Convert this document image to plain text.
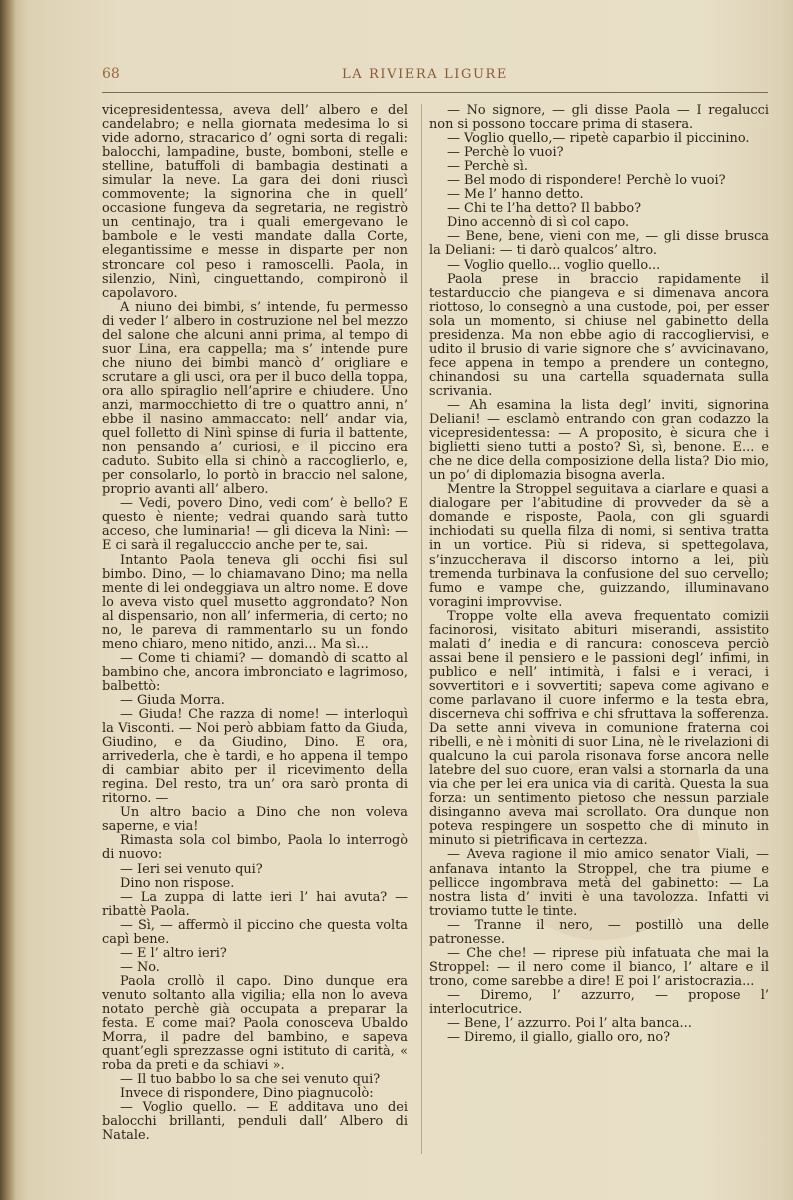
68	LA RIVIERA LIGURE

vicepresidentessa, aveva dell’ albero e del candelabro; e nella giornata medesima lo si vide adorno, stracarico d’ ogni sorta di regali: balocchi, lampadine, buste, bomboni, stelle e stelline, batuffoli di bambagia destinati a simular la neve. La gara dei doni riuscì commovente; la signorina che in quell’ occasione fungeva da segretaria, ne registrò un centinajo, tra i quali emergevano le bambole e le vesti mandate dalla Corte, elegantissime e messe in disparte per non stroncare col peso i ramoscelli. Paola, in silenzio, Ninì, cinguettando, compironò il capolavoro.

A niuno dei bimbi, s’ intende, fu permesso di veder l’ albero in costruzione nel bel mezzo del salone che alcuni anni prima, al tempo di suor Lina, era cappella; ma s’ intende pure che niuno dei bimbi mancò d’ origliare e scrutare a gli usci, ora per il buco della toppa, ora allo spiraglio nell’aprire e chiudere. Uno anzi, marmocchietto di tre o quattro anni, n’ ebbe il nasino ammaccato: nell’ andar via, quel folletto di Ninì spinse di furia il battente, non pensando a’ curiosi, e il piccino era caduto. Subito ella si chinò a raccoglierlo, e, per consolarlo, lo portò in braccio nel salone, proprio avanti all’ albero.

— Vedi, povero Dino, vedi com’ è bello? E questo è niente; vedrai quando sarà tutto acceso, che luminaria! — gli diceva la Ninì: — E ci sarà il regalucccio anche per te, sai.

Intanto Paola teneva gli occhi fisi sul bimbo. Dino, — lo chiamavano Dino; ma nella mente di lei ondeggiava un altro nome. E dove lo aveva visto quel musetto aggrondato? Non al dispensario, non all’ infermeria, di certo; no no, le pareva di rammentarlo su un fondo meno chiaro, meno nitido, anzi... Ma sì...

— Come ti chiami? — domandò di scatto al bambino che, ancora imbronciato e lagrimoso, balbettò:

— Giuda Morra.

— Giuda! Che razza di nome! — interloquì la Visconti. — Noi però abbiam fatto da Giuda, Giudino, e da Giudino, Dino. E ora, arrivederla, che è tardi, e ho appena il tempo di cambiar abito per il ricevimento della regina. Del resto, tra un’ ora sarò pronta di ritorno. —

Un altro bacio a Dino che non voleva saperne, e via!

Rimasta sola col bimbo, Paola lo interrogò di nuovo:

— Ieri sei venuto qui?

Dino non rispose.

— La zuppa di latte ieri l’ hai avuta? — ribattè Paola.

— Sì, — affermò il piccino che questa volta capì bene.

— E l’ altro ieri?

— No.

Paola crollò il capo. Dino dunque era venuto soltanto alla vigilia; ella non lo aveva notato perchè già occupata a preparar la festa. E come mai? Paola conosceva Ubaldo Morra, il padre del bambino, e sapeva quant’egli sprezzasse ogni istituto di carità, « roba da preti e da schiavi ».

— Il tuo babbo lo sa che sei venuto qui?

Invece di rispondere, Dino piagnucolò:

— Voglio quello. — E additava uno dei balocchi brillanti, penduli dall’ Albero di Natale.

— No signore, — gli disse Paola — I regalucci non si possono toccare prima di stasera.

— Voglio quello,— ripetè caparbio il piccinino.

— Perchè lo vuoi?

— Perchè sì.

— Bel modo di rispondere! Perchè lo vuoi?

— Me l’ hanno detto.

— Chi te l’ha detto? Il babbo?

Dino accennò di sì col capo.

— Bene, bene, vieni con me, — gli disse bruscа la Deliani: — ti darò qualcos’ altro.

— Voglio quello... voglio quello...

Paola prese in braccio rapidamente il testarduccio che piangeva e si dimenava ancora riottoso, lo consegnò a una custode, poi, per esser sola un momento, si chiuse nel gabinetto della presidenza. Ma non ebbe agio di raccogliervisi, e udito il brusio di varie signore che s’ avvicinavano, fece appena in tempo a prendere un contegno, chinandosi su una cartella squadernata sulla scrivania.

— Ah esamina la lista degl’ inviti, signorina Deliani! — esclamò entrando con gran codazzo la vicepresidentessa: — A proposito, è sicura che i biglietti sieno tutti a posto? Sì, sì, benone. E... e che ne dice della composizione della lista? Dio mio, un po’ di diplomazia bisogna averla.

Mentre la Stroppel seguitava a ciarlare e quasi a dialogare per l’abitudine di provveder da sè a domande e risposte, Paola, con gli sguardi inchiodati su quella filza di nomi, si sentiva tratta in un vortice. Più si rideva, si spettegolava, s’inzuccherava il discorso intorno a lei, più tremenda turbinava la confusione del suo cervello; fumo e vampe che, guizzando, illuminavano voragini improvvise.

Troppe volte ella aveva frequentato comizii facinorosi, visitato abituri miserandi, assistito malati d’ inedia e di rancura: conosceva perciò assai bene il pensiero e le passioni degl’ infimi, in publico e nell’ intimità, i falsi e i veraci, i sovvertitori e i sovvertiti; sapeva come agivano e come parlavano il cuore infermo e la testa ebra, discerneva chi soffriva e chi sfruttava la sofferenza. Da sette anni viveva in comunione fraterna coi ribelli, e nè i mòniti di suor Lina, nè le rivelazioni di qualcuno la cui parola risonava forse ancora nelle latebre del suo cuore, eran valsi a stornarla da una via che per lei era unica via di carità. Questa la sua forza: un sentimento pietoso che nessun parziale disinganno aveva mai scrollato. Ora dunque non poteva respingere un sospetto che di minuto in minuto si pietrificava in certezza.

— Aveva ragione il mio amico senator Viali, — anfanava intanto la Stroppel, che tra piume e pellicce ingombrava metà del gabinetto: — La nostra lista d’ inviti è una tavolozza. Infatti vi troviamo tutte le tinte.

— Tranne il nero, — postillò una delle patronesse.

— Che che! — riprese più infatuata che mai la Stroppel: — il nero come il bianco, l’ altare e il trono, come sarebbe a dire! E poi l’ aristocrazia...

— Diremo, l’ azzurro, — propose l’ interlocutrice.

— Bene, l’ azzurro. Poi l’ alta banca...

— Diremo, il giallo, giallo oro, no?
